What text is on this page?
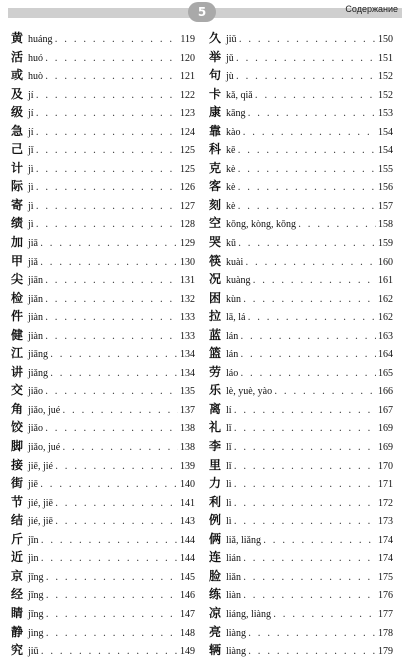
5	Содержание
黄 huáng . . .	119
活 huó . . .	120
或 huò . . .	121
及 jí . . .	122
级 jí . . .	123
急 jí . . .	124
己 jǐ . . .	125
计 jì . . .	125
际 jì . . .	126
寄 jì . . .	127
绩 jì . . .	128
加 jiā . . .	129
甲 jiǎ . . .	130
尖 jiān . . .	131
检 jiǎn . . .	132
件 jiàn . . .	133
健 jiàn . . .	133
江 jiāng . . .	134
讲 jiǎng . . .	134
交 jiāo . . .	135
角 jiǎo, jué . . .	137
饺 jiǎo . . .	138
脚 jiǎo, jué . . .	138
接 jiē, jié . . .	139
街 jiē . . .	140
节 jié, jiē . . .	141
结 jié, jiē . . .	143
斤 jīn . . .	144
近 jìn . . .	144
京 jīng . . .	145
经 jīng . . .	146
睛 jīng . . .	147
静 jìng . . .	148
究 jiū . . .	149
久 jiǔ . . .	150
举 jǔ . . .	151
句 jù . . .	152
卡 kǎ, qiǎ . . .	152
康 kāng . . .	153
靠 kào . . .	154
科 kē . . .	154
克 kè . . .	155
客 kè . . .	156
刻 kè . . .	157
空 kōng, kòng, kōng . . .	158
哭 kū . . .	159
筷 kuài . . .	160
况 kuàng . . .	161
困 kùn . . .	162
拉 lā, lá . . .	162
蓝 lán . . .	163
篮 lán . . .	164
劳 láo . . .	165
乐 lè, yuè, yào . . .	166
离 lí . . .	167
礼 lǐ . . .	169
李 lǐ . . .	169
里 lǐ . . .	170
力 lì . . .	171
利 lì . . .	172
例 lì . . .	173
俩 liǎ, liǎng . . .	174
连 lián . . .	174
脸 liǎn . . .	175
练 liàn . . .	176
凉 liáng, liàng . . .	177
亮 liàng . . .	178
辆 liàng . . .	179
